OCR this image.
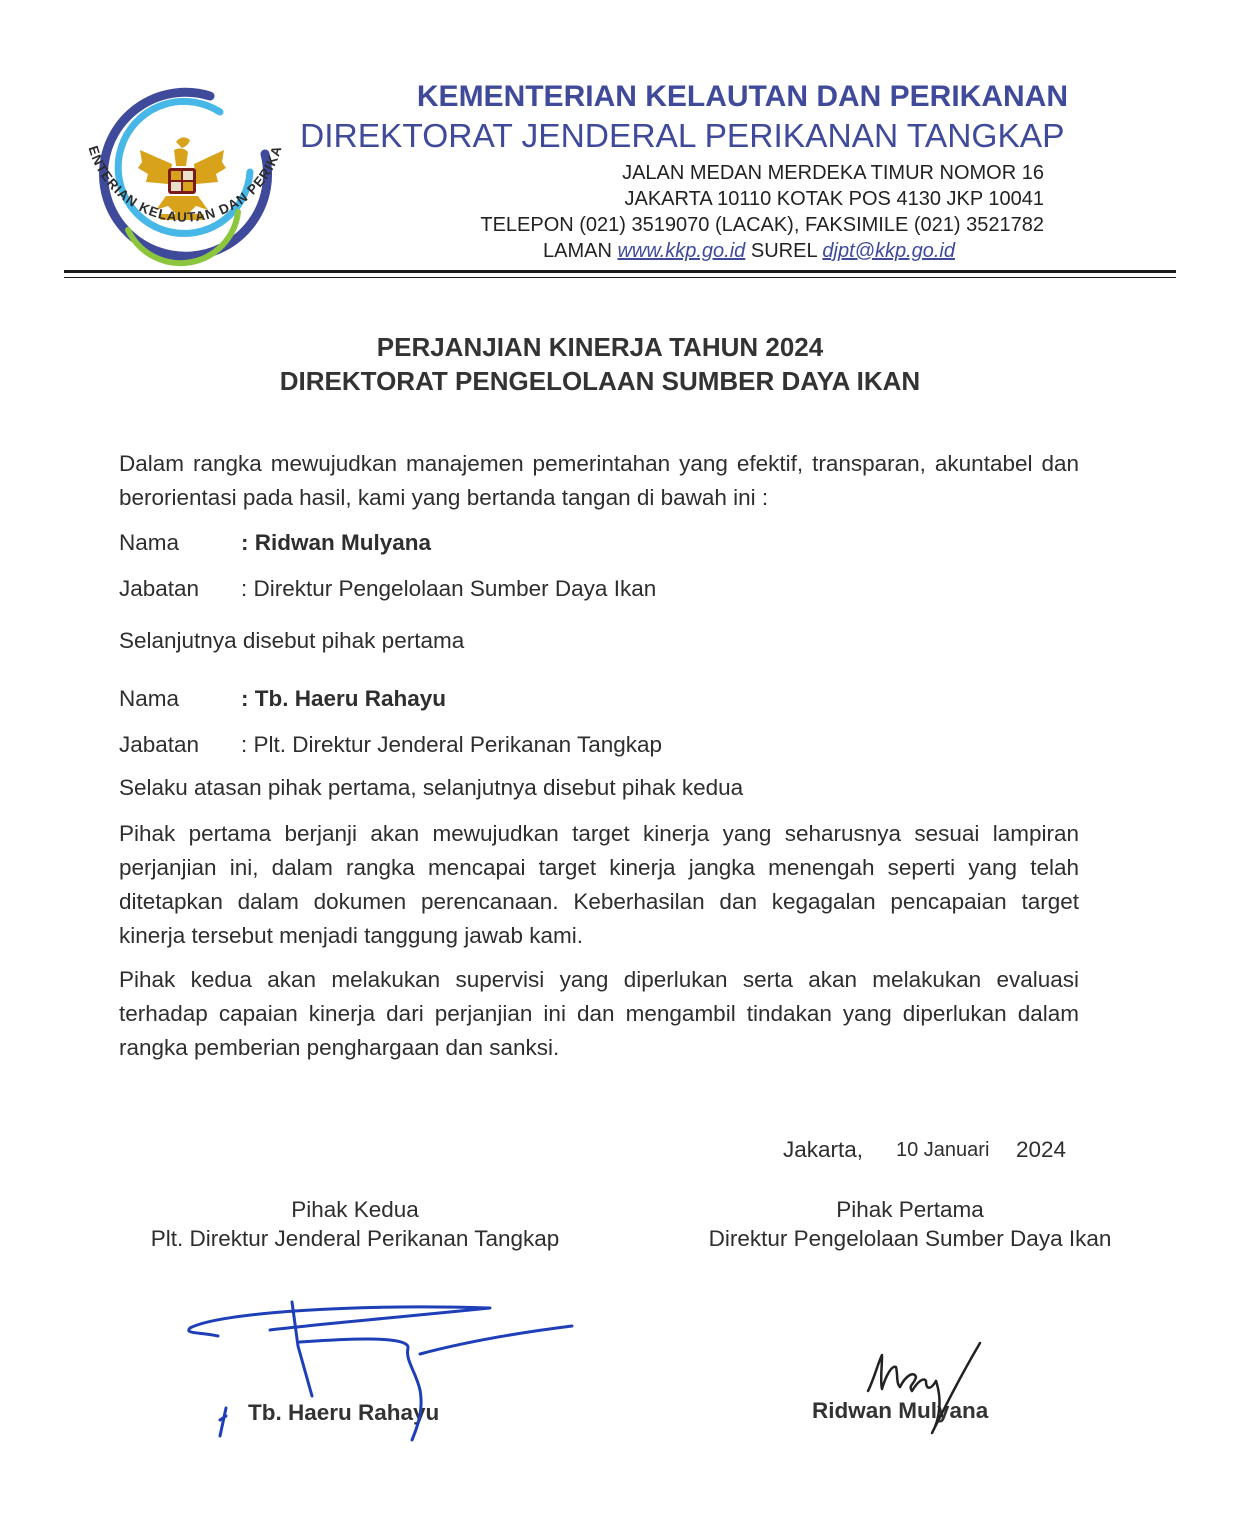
ENTERIAN KELAUTAN DAN PERIKA
KEMENTERIAN KELAUTAN DAN PERIKANAN
DIREKTORAT JENDERAL PERIKANAN TANGKAP
JALAN MEDAN MERDEKA TIMUR NOMOR 16
JAKARTA 10110 KOTAK POS 4130 JKP 10041
TELEPON (021) 3519070 (LACAK), FAKSIMILE (021) 3521782
LAMAN www.kkp.go.id SUREL djpt@kkp.go.id
PERJANJIAN KINERJA TAHUN 2024
DIREKTORAT PENGELOLAAN SUMBER DAYA IKAN
Dalam rangka mewujudkan manajemen pemerintahan yang efektif, transparan, akuntabel dan berorientasi pada hasil, kami yang bertanda tangan di bawah ini :
Nama	: Ridwan Mulyana
Jabatan : Direktur Pengelolaan Sumber Daya Ikan
Selanjutnya disebut pihak pertama
Nama	: Tb. Haeru Rahayu
Jabatan : Plt. Direktur Jenderal Perikanan Tangkap
Selaku atasan pihak pertama, selanjutnya disebut pihak kedua
Pihak pertama berjanji akan mewujudkan target kinerja yang seharusnya sesuai lampiran perjanjian ini, dalam rangka mencapai target kinerja jangka menengah seperti yang telah ditetapkan dalam dokumen perencanaan. Keberhasilan dan kegagalan pencapaian target kinerja tersebut menjadi tanggung jawab kami.
Pihak kedua akan melakukan supervisi yang diperlukan serta akan melakukan evaluasi terhadap capaian kinerja dari perjanjian ini dan mengambil tindakan yang diperlukan dalam rangka pemberian penghargaan dan sanksi.
Jakarta, 10 Januari 2024
Pihak Kedua
Plt. Direktur Jenderal Perikanan Tangkap
Pihak Pertama
Direktur Pengelolaan Sumber Daya Ikan
Tb. Haeru Rahayu	Ridwan Mulyana
